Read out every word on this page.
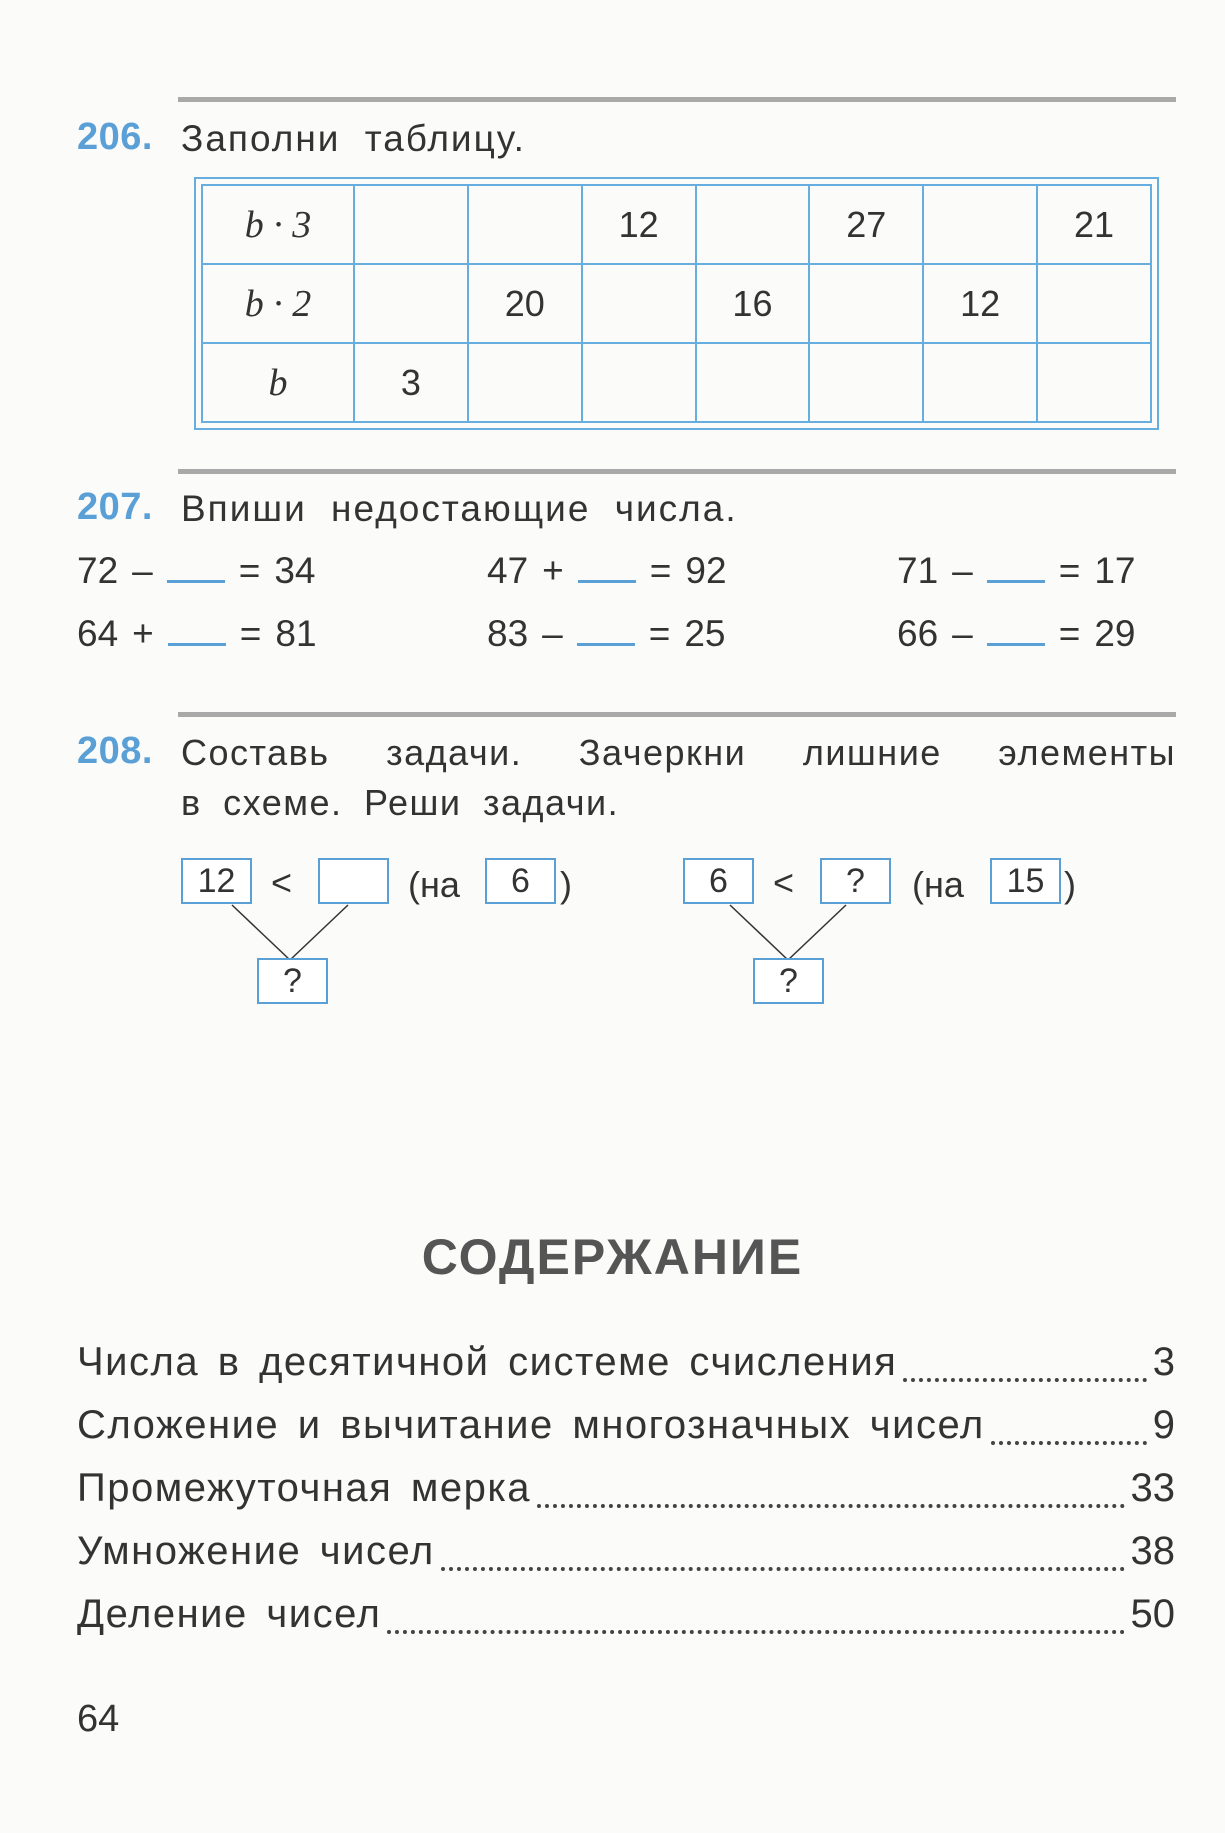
206. Заполни таблицу.
b · 3			12		27		21
b · 2		20		16		12	
b	3						
207. Впиши недостающие числа.
72 – = 34	47 + = 92	71 – = 17
64 + = 81	83 – = 25	66 – = 29
208. Составь задачи. Зачеркни лишние элементы
в схеме. Реши задачи.
12 <	(на	6 )
?
6	<	?	(на	15 )
?
СОДЕРЖАНИЕ
Числа в десятичной системе счисления	3
Сложение и вычитание многозначных чисел	9
Промежуточная мерка	33
Умножение чисел	38
Деление чисел	50
64
